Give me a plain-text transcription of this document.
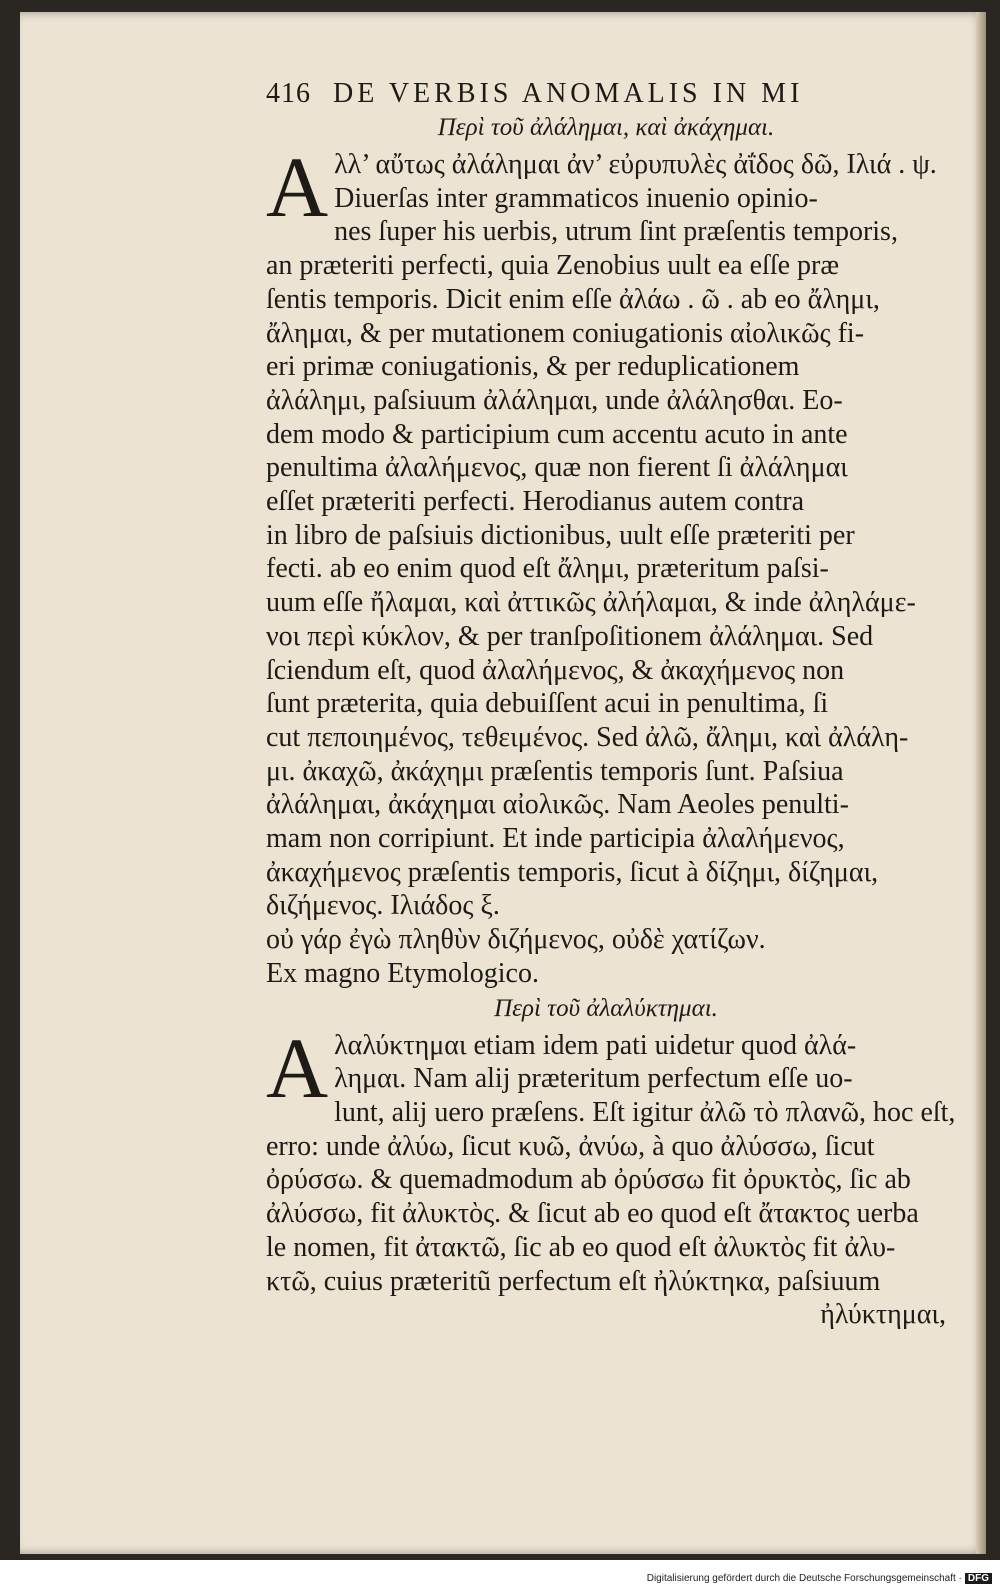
416 DE VERBIS ANOMALIS IN MI
Περὶ τοῦ ἀλάλημαι, καὶ ἀκάχημαι.
A λλ’ αὔτως ἀλάλημαι ἀν’ εὐρυπυλὲς ἀΐδος δῶ, Ιλιά . ψ.
Diuerſas inter grammaticos inuenio opinio-
nes ſuper his uerbis, utrum ſint præſentis temporis,
an præteriti perfecti, quia Zenobius uult ea eſſe præ
ſentis temporis. Dicit enim eſſe ἀλάω . ῶ . ab eo ἄλημι,
ἄλημαι, & per mutationem coniugationis αἰολικῶς fi-
eri primæ coniugationis, & per reduplicationem
ἀλάλημι, paſsiuum ἀλάλημαι, unde ἀλάλησθαι. Eo-
dem modo & participium cum accentu acuto in ante
penultima ἀλαλήμενος, quæ non fierent ſi ἀλάλημαι
eſſet præteriti perfecti. Herodianus autem contra
in libro de paſsiuis dictionibus, uult eſſe præteriti per
fecti. ab eo enim quod eſt ἄλημι, præteritum paſsi-
uum eſſe ἤλαμαι, καὶ ἀττικῶς ἀλήλαμαι, & inde ἀληλάμε-
νοι περὶ κύκλον, & per tranſpoſitionem ἀλάλημαι. Sed
ſciendum eſt, quod ἀλαλήμενος, & ἀκαχήμενος non
ſunt præterita, quia debuiſſent acui in penultima, ſi
cut πεποιημένος, τεθειμένος. Sed ἀλῶ, ἄλημι, καὶ ἀλάλη-
μι. ἀκαχῶ, ἀκάχημι præſentis temporis ſunt. Paſsiua
ἀλάλημαι, ἀκάχημαι αἰολικῶς. Nam Aeoles penulti-
mam non corripiunt. Et inde participia ἀλαλήμενος,
ἀκαχήμενος præſentis temporis, ſicut à δίζημι, δίζημαι,
διζήμενος. Ιλιάδος ξ.
οὐ γάρ ἐγὼ πληθὺν διζήμενος, οὐδὲ χατίζων.
Ex magno Etymologico.
Περὶ τοῦ ἀλαλύκτημαι.
A λαλύκτημαι etiam idem pati uidetur quod ἀλά-
λημαι. Nam alij præteritum perfectum eſſe uo-
lunt, alij uero præſens. Eſt igitur ἀλῶ τὸ πλανῶ, hoc eſt,
erro: unde ἀλύω, ſicut κυῶ, ἀνύω, à quo ἀλύσσω, ſicut
ὀρύσσω. & quemadmodum ab ὀρύσσω fit ὀρυκτὸς, ſic ab
ἀλύσσω, fit ἀλυκτὸς. & ſicut ab eo quod eſt ἄτακτος uerba
le nomen, fit ἀτακτῶ, ſic ab eo quod eſt ἀλυκτὸς fit ἀλυ-
κτῶ, cuius præteritũ perfectum eſt ἠλύκτηκα, paſsiuum
ἠλύκτημαι,
Digitalisierung gefördert durch die Deutsche Forschungsgemeinschaft · DFG
